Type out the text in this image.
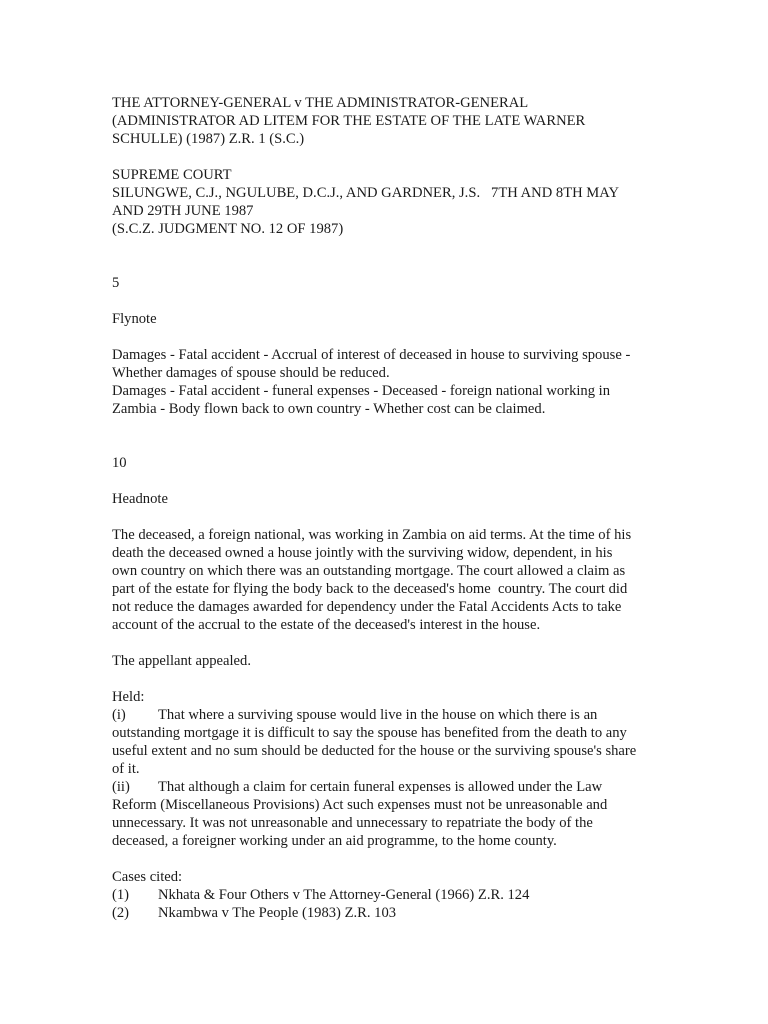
THE ATTORNEY-GENERAL v THE ADMINISTRATOR-GENERAL
(ADMINISTRATOR AD LITEM FOR THE ESTATE OF THE LATE WARNER
SCHULLE) (1987) Z.R. 1 (S.C.)
SUPREME COURT
SILUNGWE, C.J., NGULUBE, D.C.J., AND GARDNER, J.S.   7TH AND 8TH MAY
AND 29TH JUNE 1987
(S.C.Z. JUDGMENT NO. 12 OF 1987)
5
Flynote
Damages - Fatal accident - Accrual of interest of deceased in house to surviving spouse -
Whether damages of spouse should be reduced.
Damages - Fatal accident - funeral expenses - Deceased - foreign national working in
Zambia - Body flown back to own country - Whether cost can be claimed.
10
Headnote
The deceased, a foreign national, was working in Zambia on aid terms. At the time of his
death the deceased owned a house jointly with the surviving widow, dependent, in his
own country on which there was an outstanding mortgage. The court allowed a claim as
part of the estate for flying the body back to the deceased's home  country. The court did
not reduce the damages awarded for dependency under the Fatal Accidents Acts to take
account of the accrual to the estate of the deceased's interest in the house.
The appellant appealed.
Held:
(i)	That where a surviving spouse would live in the house on which there is an
outstanding mortgage it is difficult to say the spouse has benefited from the death to any
useful extent and no sum should be deducted for the house or the surviving spouse's share
of it.
(ii)	That although a claim for certain funeral expenses is allowed under the Law
Reform (Miscellaneous Provisions) Act such expenses must not be unreasonable and
unnecessary. It was not unreasonable and unnecessary to repatriate the body of the
deceased, a foreigner working under an aid programme, to the home county.
Cases cited:
(1)	Nkhata & Four Others v The Attorney-General (1966) Z.R. 124
(2)	Nkambwa v The People (1983) Z.R. 103
